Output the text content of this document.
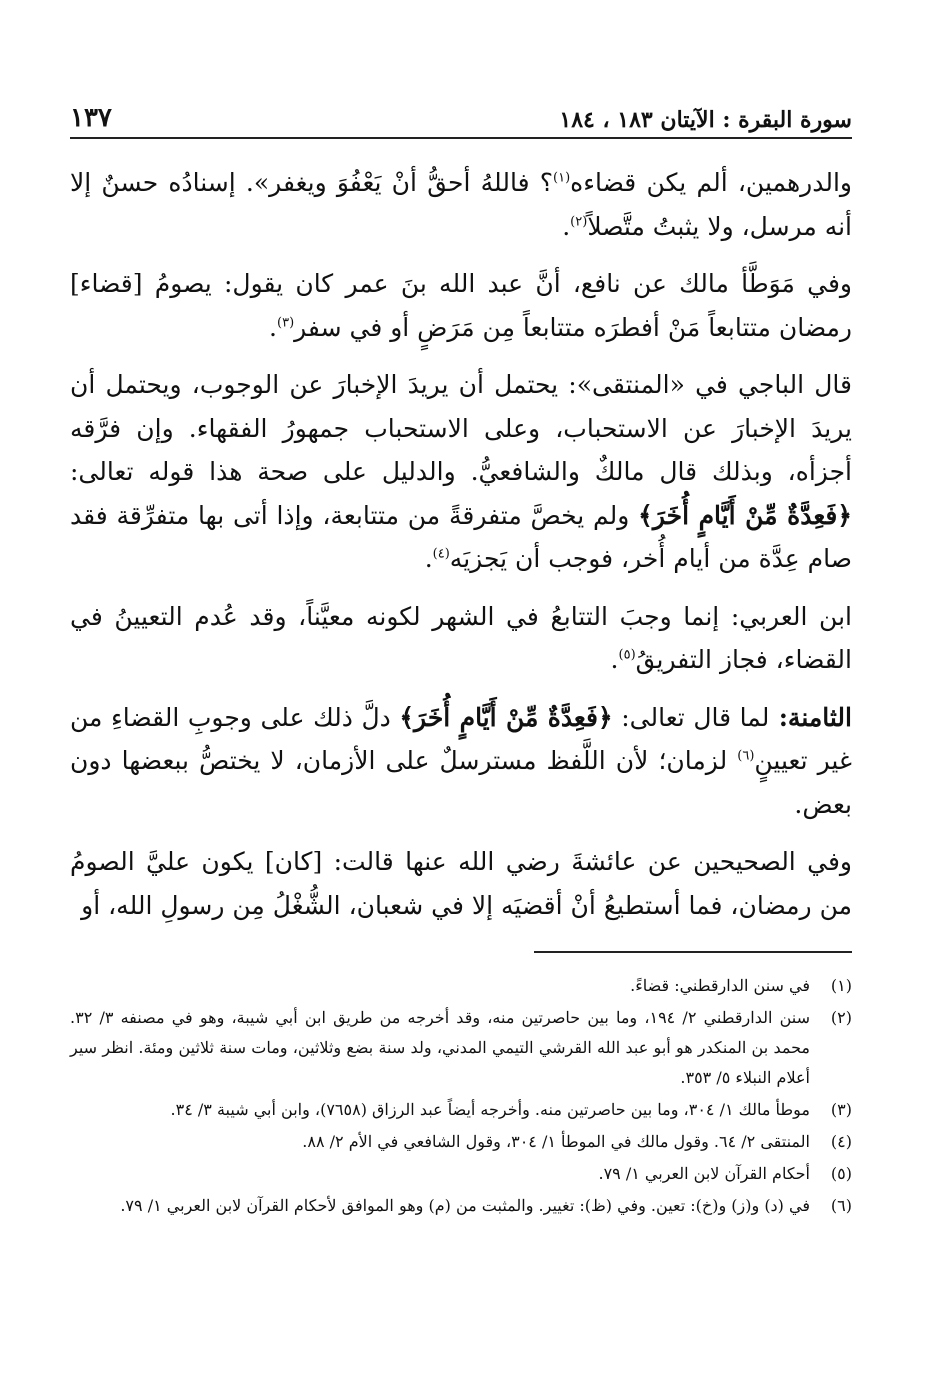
سورة البقرة : الآيتان ١٨٣ ، ١٨٤
١٣٧

والدرهمين، ألم يكن قضاءه$^{(١)}$؟ فاللهُ أحقُّ أنْ يَعْفُوَ ويغفر». إسنادُه حسنٌ إلا أنه مرسل، ولا يثبتُ متَّصلاً$^{(٢)}$.

وفي مَوَطَّأ مالك عن نافع، أنَّ عبد الله بنَ عمر كان يقول: يصومُ [قضاء] رمضان متتابعاً مَنْ أفطرَه متتابعاً مِن مَرَضٍ أو في سفر$^{(٣)}$.

قال الباجي في «المنتقى»: يحتمل أن يريدَ الإخبارَ عن الوجوب، ويحتمل أن يريدَ الإخبارَ عن الاستحباب، وعلى الاستحباب جمهورُ الفقهاء. وإن فرَّقه أجزأه، وبذلك قال مالكٌ والشافعيُّ. والدليل على صحة هذا قوله تعالى: ﴿فَعِدَّةٌ مِّنْ أَيَّامٍ أُخَرَ﴾ ولم يخصَّ متفرقةً من متتابعة، وإذا أتى بها متفرِّقة فقد صام عِدَّة من أيام أُخر، فوجب أن يَجزيَه$^{(٤)}$.

ابن العربي: إنما وجبَ التتابعُ في الشهر لكونه معيَّناً، وقد عُدم التعيينُ في القضاء، فجاز التفريقُ$^{(٥)}$.

الثامنة: لما قال تعالى: ﴿فَعِدَّةٌ مِّنْ أَيَّامٍ أُخَرَ﴾ دلَّ ذلك على وجوبِ القضاءِ من غير تعيينٍ$^{(٦)}$ لزمان؛ لأن اللَّفظ مسترسلٌ على الأزمان، لا يختصُّ ببعضها دون بعض.

وفي الصحيحين عن عائشةَ رضي الله عنها قالت: [كان] يكون عليَّ الصومُ من رمضان، فما أستطيعُ أنْ أقضيَه إلا في شعبان، الشُّغْلُ مِن رسولِ الله، أو

(١)
في سنن الدارقطني: قضاءً.
(٢)
سنن الدارقطني ٢/ ١٩٤، وما بين حاصرتين منه، وقد أخرجه من طريق ابن أبي شيبة، وهو في مصنفه ٣/ ٣٢. محمد بن المنكدر هو أبو عبد الله القرشي التيمي المدني، ولد سنة بضع وثلاثين، ومات سنة ثلاثين ومئة. انظر سير أعلام النبلاء ٥/ ٣٥٣.
(٣)
موطأ مالك ١/ ٣٠٤، وما بين حاصرتين منه. وأخرجه أيضاً عبد الرزاق (٧٦٥٨)، وابن أبي شيبة ٣/ ٣٤.
(٤)
المنتقى ٢/ ٦٤. وقول مالك في الموطأ ١/ ٣٠٤، وقول الشافعي في الأم ٢/ ٨٨.
(٥)
أحكام القرآن لابن العربي ١/ ٧٩.
(٦)
في (د) و(ز) و(خ): تعين. وفي (ظ): تغيير. والمثبت من (م) وهو الموافق لأحكام القرآن لابن العربي ١/ ٧٩.
